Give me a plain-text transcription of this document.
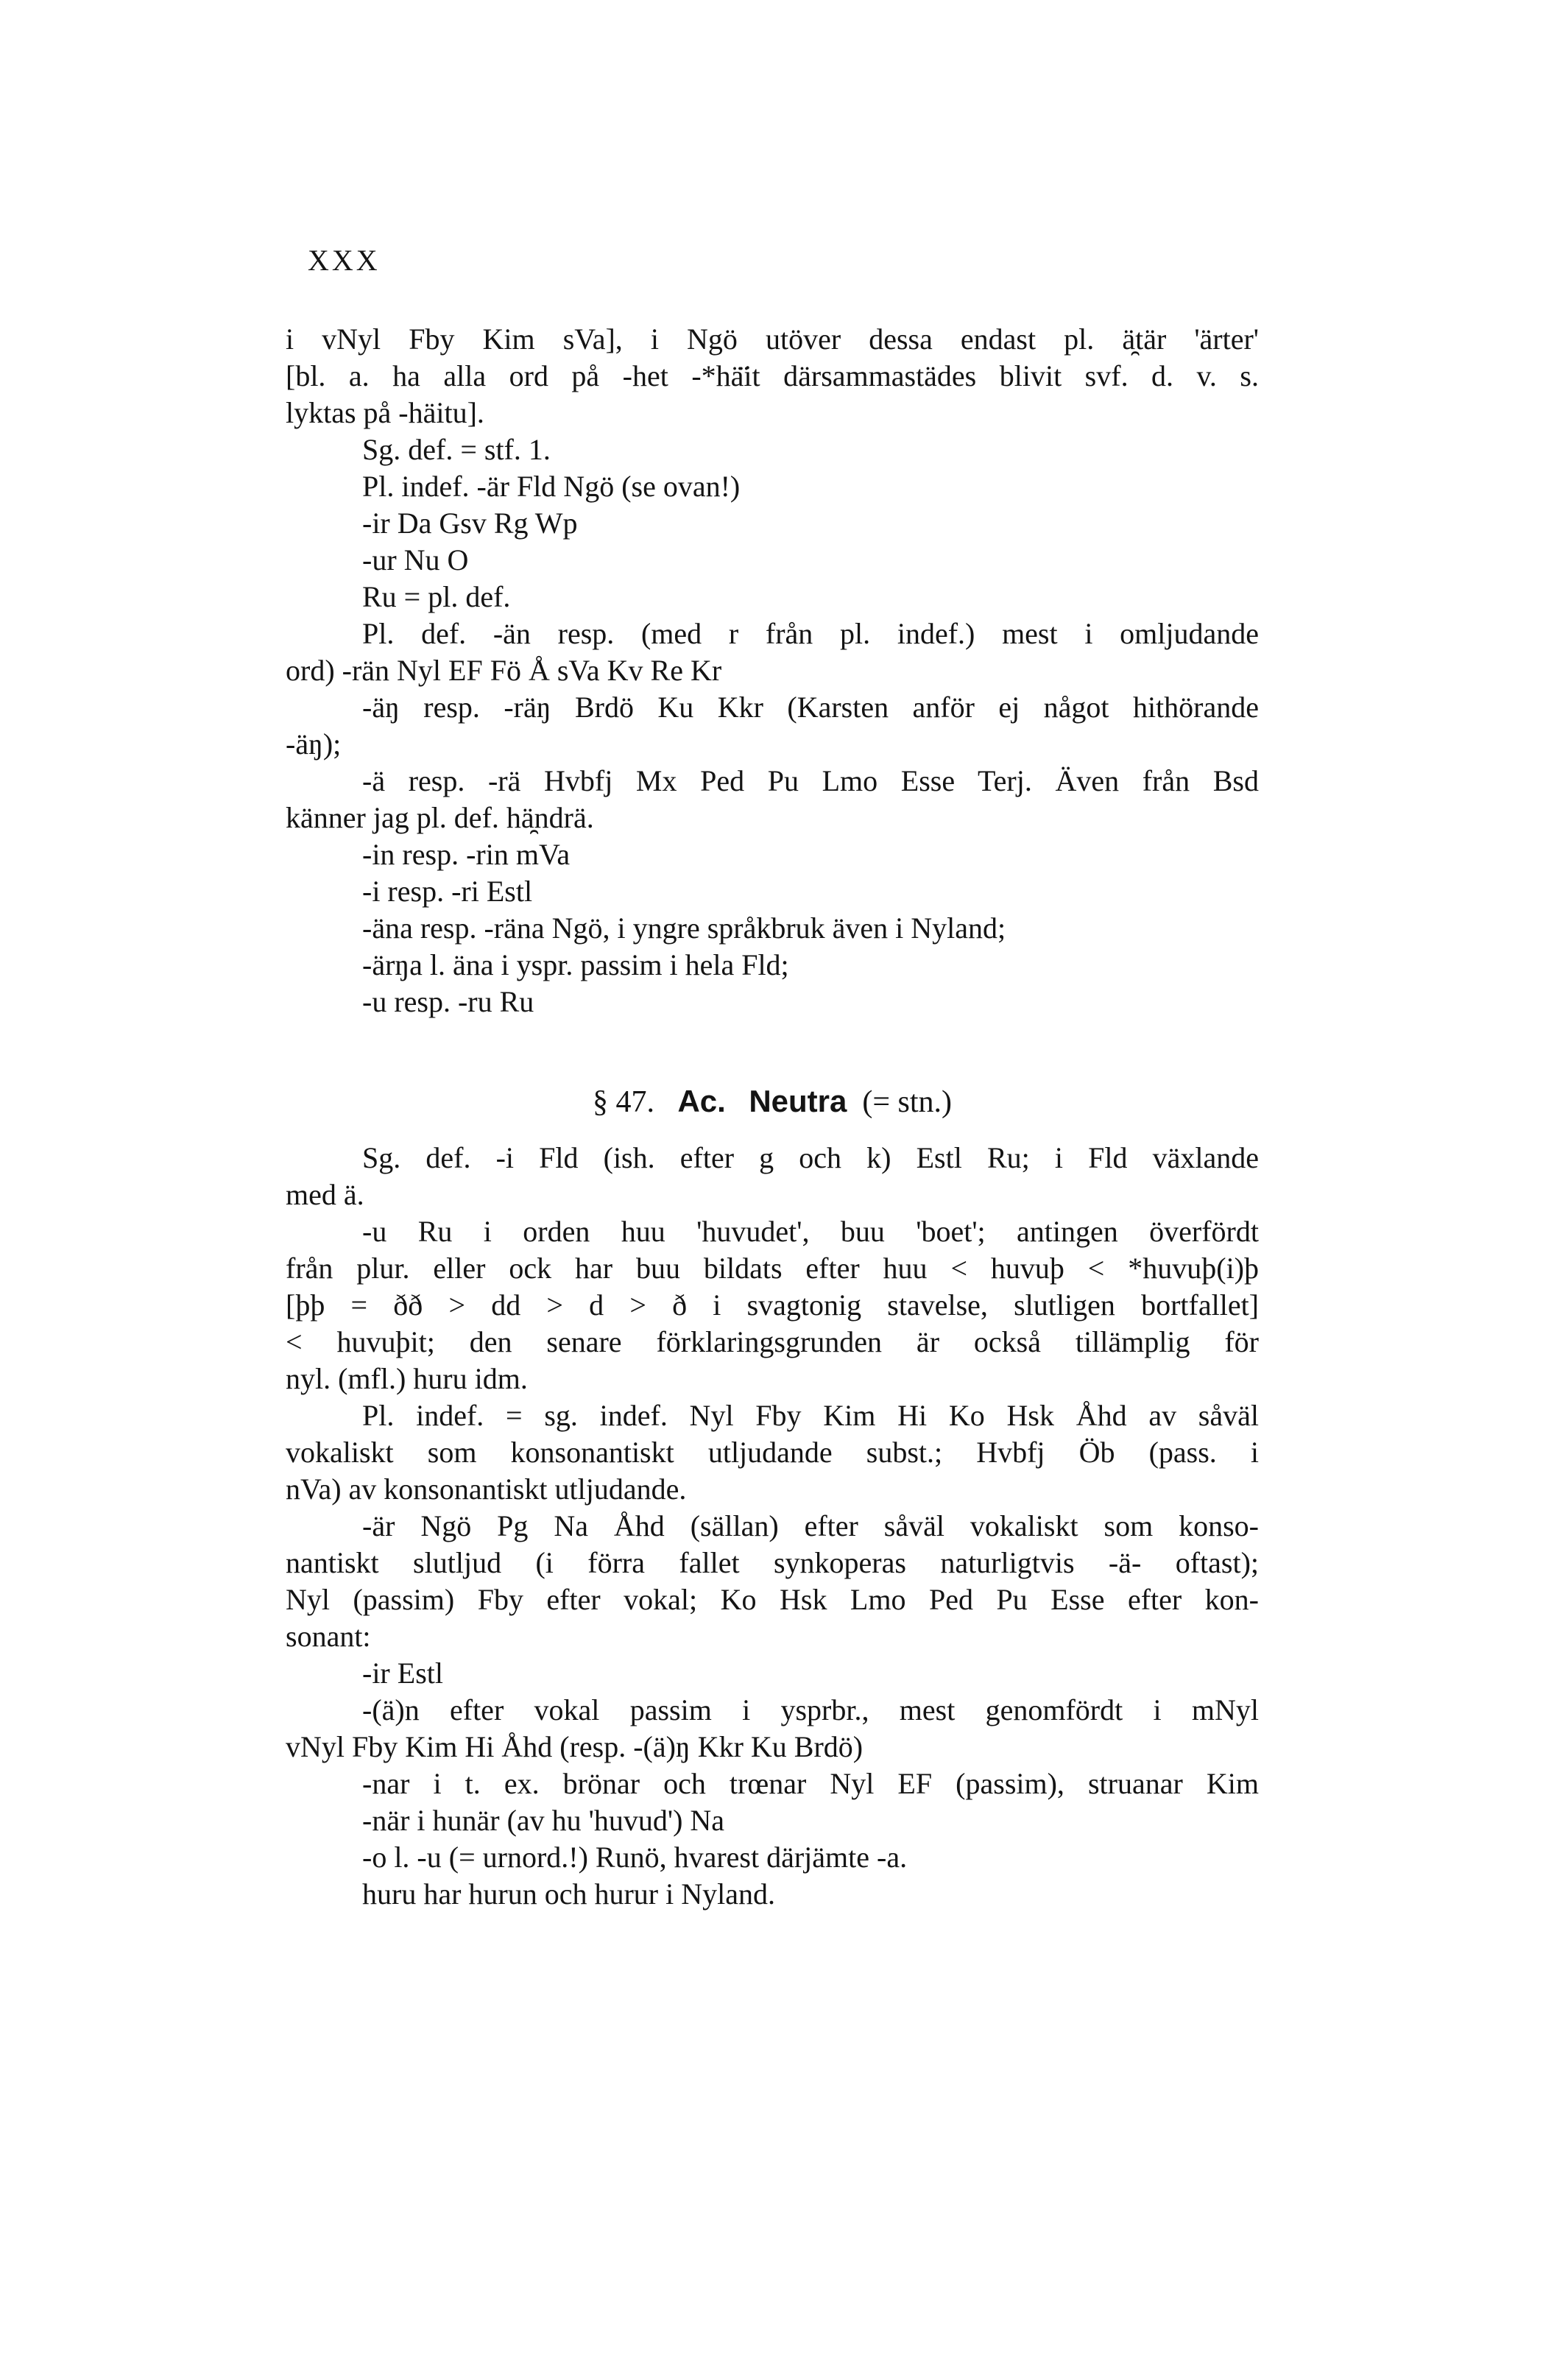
XXX
i vNyl Fby Kim sVa], i Ngö utöver dessa endast pl. ä̯tär 'ärter'
[bl. a. ha alla ord på -het -*hä̈it därsammastädes blivit svf. d. v. s.
lyktas på -häitu].
Sg. def. = stf. 1.
Pl. indef. -är Fld Ngö (se ovan!)
-ir Da Gsv Rg Wp
-ur Nu O
Ru = pl. def.
Pl. def. -än resp. (med r från pl. indef.) mest i omljudande
ord) -rän Nyl EF Fö Å sVa Kv Re Kr
-äŋ resp. -räŋ Brdö Ku Kkr (Karsten anför ej något hithörande
-äŋ);
-ä resp. -rä Hvbfj Mx Ped Pu Lmo Esse Terj. Även från Bsd
känner jag pl. def. hä̯ndrä.
-in resp. -rin mVa
-i resp. -ri Estl
-äna resp. -räna Ngö, i yngre språkbruk även i Nyland;
-ärŋa l. äna i yspr. passim i hela Fld;
-u resp. -ru Ru
§ 47. Ac. Neutra (= stn.)
Sg. def. -i Fld (ish. efter g och k) Estl Ru; i Fld växlande
med ä.
-u Ru i orden huu 'huvudet', buu 'boet'; antingen överfördt
från plur. eller ock har buu bildats efter huu < huvuþ < *huvuþ(i)þ
[þþ = ðð > dd > d > ð i svagtonig stavelse, slutligen bortfallet]
< huvuþit; den senare förklaringsgrunden är också tillämplig för
nyl. (mfl.) huru idm.
Pl. indef. = sg. indef. Nyl Fby Kim Hi Ko Hsk Åhd av såväl
vokaliskt som konsonantiskt utljudande subst.; Hvbfj Öb (pass. i
nVa) av konsonantiskt utljudande.
-är Ngö Pg Na Åhd (sällan) efter såväl vokaliskt som konso-
nantiskt slutljud (i förra fallet synkoperas naturligtvis -ä- oftast);
Nyl (passim) Fby efter vokal; Ko Hsk Lmo Ped Pu Esse efter kon-
sonant:
-ir Estl
-(ä)n efter vokal passim i ysprbr., mest genomfördt i mNyl
vNyl Fby Kim Hi Åhd (resp. -(ä)ŋ Kkr Ku Brdö)
-nar i t. ex. brönar och trœnar Nyl EF (passim), struanar Kim
-när i hunär (av hu 'huvud') Na
-o l. -u (= urnord.!) Runö, hvarest därjämte -a.
huru har hurun och hurur i Nyland.
